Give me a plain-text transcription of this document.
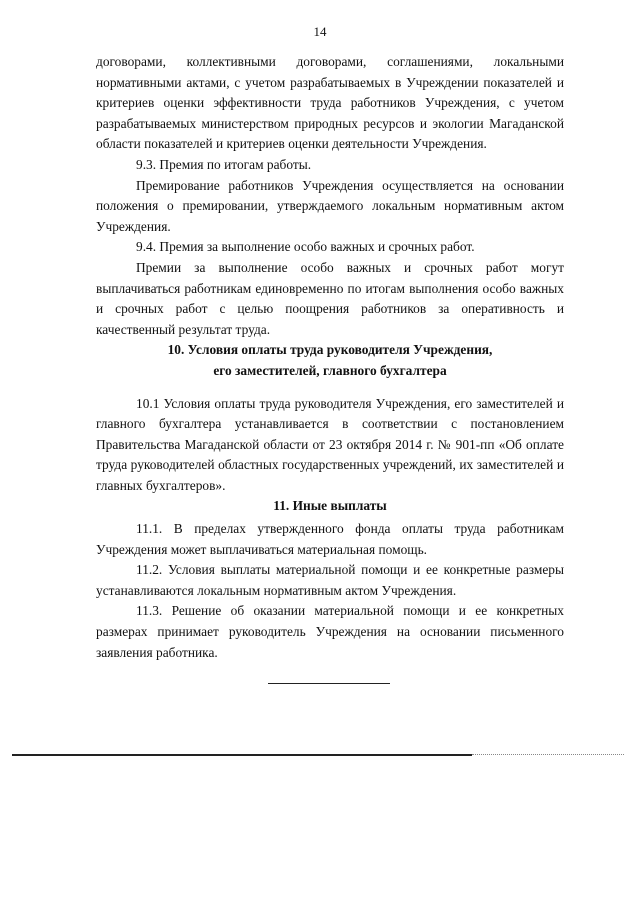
14

договорами, коллективными договорами, соглашениями, локальными нормативными актами, с учетом разрабатываемых в Учреждении показателей и критериев оценки эффективности труда работников Учреждения, с учетом разрабатываемых министерством природных ресурсов и экологии Магаданской области показателей и критериев оценки деятельности Учреждения.

9.3. Премия по итогам работы.

Премирование работников Учреждения осуществляется на основании положения о премировании, утверждаемого локальным нормативным актом Учреждения.

9.4. Премия за выполнение особо важных и срочных работ.

Премии за выполнение особо важных и срочных работ могут выплачиваться работникам единовременно по итогам выполнения особо важных и срочных работ с целью поощрения работников за оперативность и качественный результат труда.

10. Условия оплаты труда руководителя Учреждения,

его заместителей, главного бухгалтера

10.1 Условия оплаты труда руководителя Учреждения, его заместителей и главного бухгалтера устанавливается в соответствии с постановлением Правительства Магаданской области от 23 октября 2014 г. № 901-пп «Об оплате труда руководителей областных государственных учреждений, их заместителей и главных бухгалтеров».

11. Иные выплаты

11.1. В пределах утвержденного фонда оплаты труда работникам Учреждения может выплачиваться материальная помощь.

11.2. Условия выплаты материальной помощи и ее конкретные размеры устанавливаются локальным нормативным актом Учреждения.

11.3. Решение об оказании материальной помощи и ее конкретных размерах принимает руководитель Учреждения на основании письменного заявления работника.
